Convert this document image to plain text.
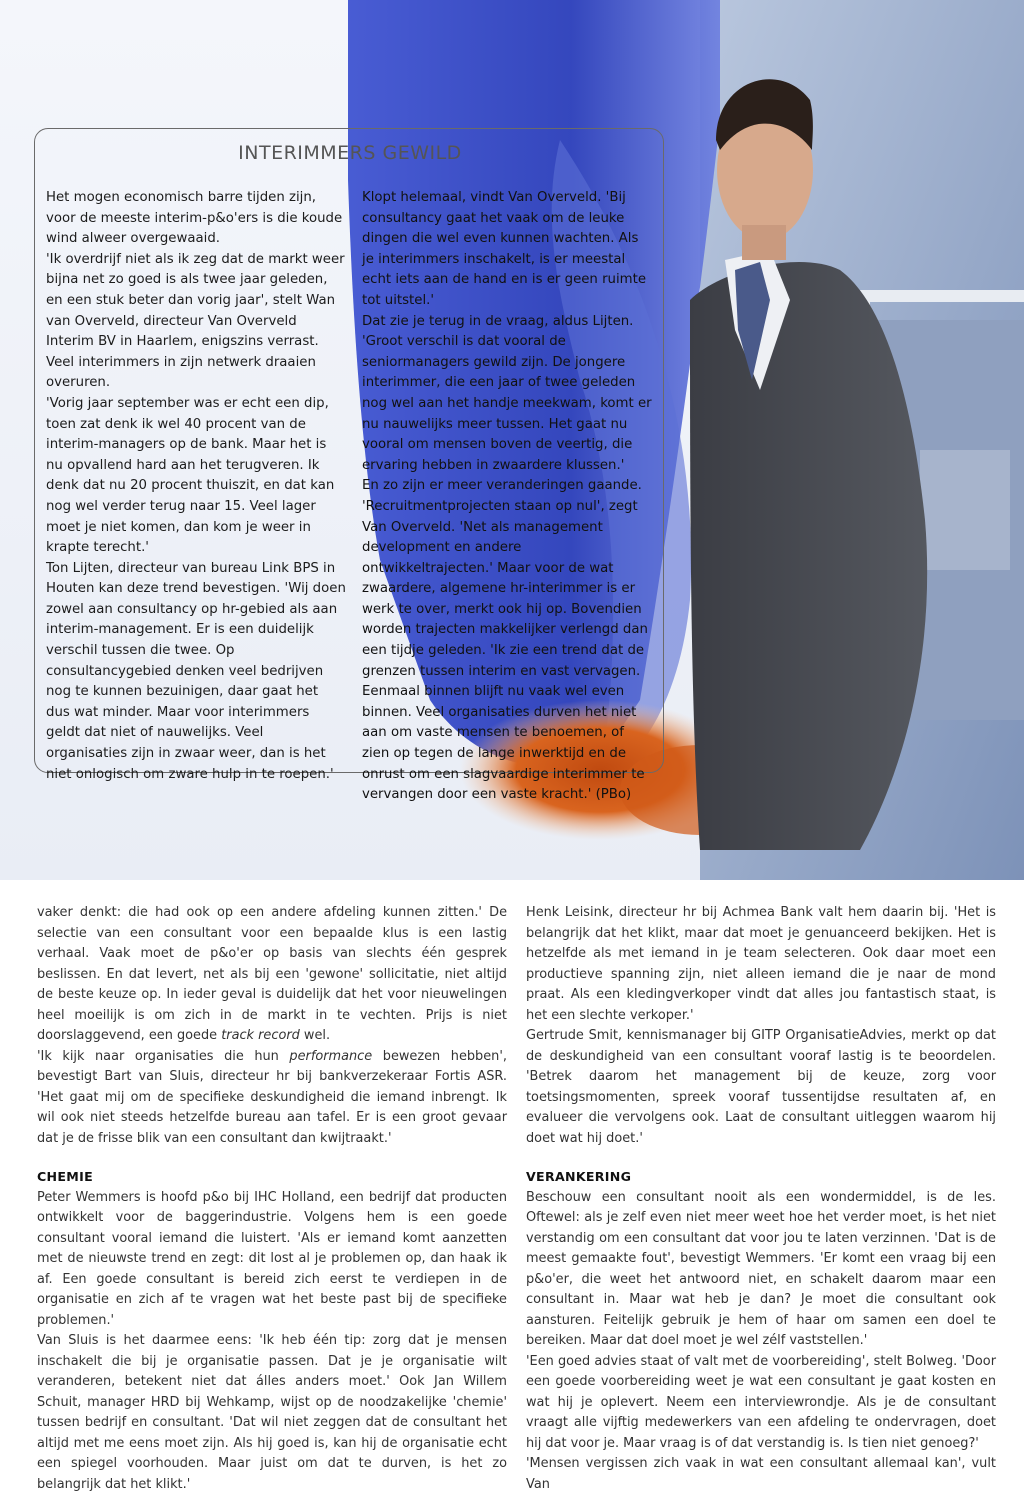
INTERIMMERS GEWILD

Het mogen economisch barre tijden zijn, voor de meeste interim-p&o'ers is die koude wind alweer overgewaaid.

'Ik overdrijf niet als ik zeg dat de markt weer bijna net zo goed is als twee jaar geleden, en een stuk beter dan vorig jaar', stelt Wan van Overveld, directeur Van Overveld Interim BV in Haarlem, enigszins verrast. Veel interimmers in zijn netwerk draaien overuren.

'Vorig jaar september was er echt een dip, toen zat denk ik wel 40 procent van de interim-managers op de bank. Maar het is nu opvallend hard aan het terugveren. Ik denk dat nu 20 procent thuiszit, en dat kan nog wel verder terug naar 15. Veel lager moet je niet komen, dan kom je weer in krapte terecht.'

Ton Lijten, directeur van bureau Link BPS in Houten kan deze trend bevestigen. 'Wij doen zowel aan consultancy op hr-gebied als aan interim-management. Er is een duidelijk verschil tussen die twee. Op consultancygebied denken veel bedrijven nog te kunnen bezuinigen, daar gaat het dus wat minder. Maar voor interimmers geldt dat niet of nauwelijks. Veel organisaties zijn in zwaar weer, dan is het niet onlogisch om zware hulp in te roepen.'

Klopt helemaal, vindt Van Overveld. 'Bij consultancy gaat het vaak om de leuke dingen die wel even kunnen wachten. Als je interimmers inschakelt, is er meestal echt iets aan de hand en is er geen ruimte tot uitstel.'

Dat zie je terug in de vraag, aldus Lijten. 'Groot verschil is dat vooral de seniormanagers gewild zijn. De jongere interimmer, die een jaar of twee geleden nog wel aan het handje meekwam, komt er nu nauwelijks meer tussen. Het gaat nu vooral om mensen boven de veertig, die ervaring hebben in zwaardere klussen.'

En zo zijn er meer veranderingen gaande. 'Recruitmentprojecten staan op nul', zegt Van Overveld. 'Net als management development en andere ontwikkeltrajecten.' Maar voor de wat zwaardere, algemene hr-interimmer is er werk te over, merkt ook hij op. Bovendien worden trajecten makkelijker verlengd dan een tijdje geleden. 'Ik zie een trend dat de grenzen tussen interim en vast vervagen. Eenmaal binnen blijft nu vaak wel even binnen. Veel organisaties durven het niet aan om vaste mensen te benoemen, of zien op tegen de lange inwerktijd en de onrust om een slagvaardige interimmer te vervangen door een vaste kracht.' (PBo)

vaker denkt: die had ook op een andere afdeling kunnen zitten.' De selectie van een consultant voor een bepaalde klus is een lastig verhaal. Vaak moet de p&o'er op basis van slechts één gesprek beslissen. En dat levert, net als bij een 'gewone' sollicitatie, niet altijd de beste keuze op. In ieder geval is duidelijk dat het voor nieuwelingen heel moeilijk is om zich in de markt in te vechten. Prijs is niet doorslaggevend, een goede track record wel.

'Ik kijk naar organisaties die hun performance bewezen hebben', bevestigt Bart van Sluis, directeur hr bij bankverzekeraar Fortis ASR. 'Het gaat mij om de specifieke deskundigheid die iemand inbrengt. Ik wil ook niet steeds hetzelfde bureau aan tafel. Er is een groot gevaar dat je de frisse blik van een consultant dan kwijtraakt.'

CHEMIE

Peter Wemmers is hoofd p&o bij IHC Holland, een bedrijf dat producten ontwikkelt voor de baggerindustrie. Volgens hem is een goede consultant vooral iemand die luistert. 'Als er iemand komt aanzetten met de nieuwste trend en zegt: dit lost al je problemen op, dan haak ik af. Een goede consultant is bereid zich eerst te verdiepen in de organisatie en zich af te vragen wat het beste past bij de specifieke problemen.'

Van Sluis is het daarmee eens: 'Ik heb één tip: zorg dat je mensen inschakelt die bij je organisatie passen. Dat je je organisatie wilt veranderen, betekent niet dat álles anders moet.' Ook Jan Willem Schuit, manager HRD bij Wehkamp, wijst op de noodzakelijke 'chemie' tussen bedrijf en consultant. 'Dat wil niet zeggen dat de consultant het altijd met me eens moet zijn. Als hij goed is, kan hij de organisatie echt een spiegel voorhouden. Maar juist om dat te durven, is het zo belangrijk dat het klikt.'

Henk Leisink, directeur hr bij Achmea Bank valt hem daarin bij. 'Het is belangrijk dat het klikt, maar dat moet je genuanceerd bekijken. Het is hetzelfde als met iemand in je team selecteren. Ook daar moet een productieve spanning zijn, niet alleen iemand die je naar de mond praat. Als een kledingverkoper vindt dat alles jou fantastisch staat, is het een slechte verkoper.'

Gertrude Smit, kennismanager bij GITP OrganisatieAdvies, merkt op dat de deskundigheid van een consultant vooraf lastig is te beoordelen. 'Betrek daarom het management bij de keuze, zorg voor toetsingsmomenten, spreek vooraf tussentijdse resultaten af, en evalueer die vervolgens ook. Laat de consultant uitleggen waarom hij doet wat hij doet.'

VERANKERING

Beschouw een consultant nooit als een wondermiddel, is de les. Oftewel: als je zelf even niet meer weet hoe het verder moet, is het niet verstandig om een consultant dat voor jou te laten verzinnen. 'Dat is de meest gemaakte fout', bevestigt Wemmers. 'Er komt een vraag bij een p&o'er, die weet het antwoord niet, en schakelt daarom maar een consultant in. Maar wat heb je dan? Je moet die consultant ook aansturen. Feitelijk gebruik je hem of haar om samen een doel te bereiken. Maar dat doel moet je wel zélf vaststellen.'

'Een goed advies staat of valt met de voorbereiding', stelt Bolweg. 'Door een goede voorbereiding weet je wat een consultant je gaat kosten en wat hij je oplevert. Neem een interviewrondje. Als je de consultant vraagt alle vijftig medewerkers van een afdeling te ondervragen, doet hij dat voor je. Maar vraag is of dat verstandig is. Is tien niet genoeg?'

'Mensen vergissen zich vaak in wat een consultant allemaal kan', vult Van
